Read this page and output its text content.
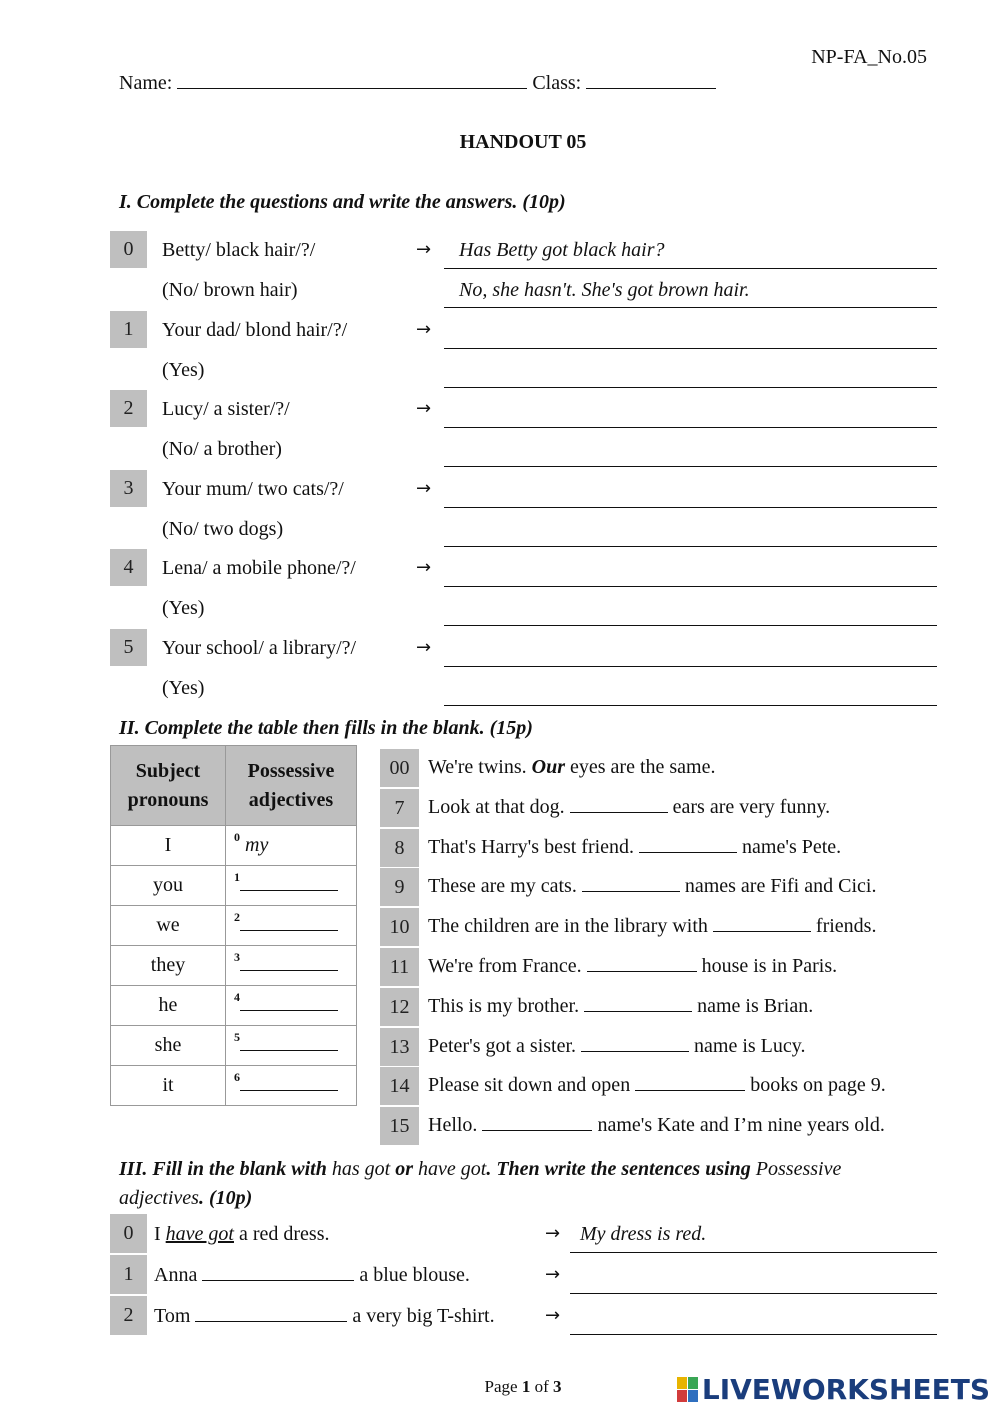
NP-FA_No.05
Name:	Class:
HANDOUT 05
I. Complete the questions and write the answers. (10p)
0	Betty/ black hair/?/
(No/ brown hair)
→ Has Betty got black hair?
No, she hasn't. She's got brown hair.
1	Your dad/ blond hair/?/
(Yes)
→
2	Lucy/ a sister/?/
(No/ a brother)
→
3	Your mum/ two cats/?/
(No/ two dogs)
→
4	Lena/ a mobile phone/?/
(Yes)
→
5	Your school/ a library/?/
(Yes)
→
II. Complete the table then fills in the blank. (15p)
Subject pronouns	Possessive adjectives
I	$^0$ my
you	$^1$
we	$^2$
they	$^3$
he	$^4$
she	$^5$
it	$^6$
00 We're twins. Our eyes are the same.
7	Look at that dog.	ears are very funny.
8	That's Harry's best friend.	name's Pete.
9	These are my cats.	names are Fifi and Cici.
10 The children are in the library with	friends.
11 We're from France.	house is in Paris.
12 This is my brother.	name is Brian.
13 Peter's got a sister.	name is Lucy.
14 Please sit down and open	books on page 9.
15 Hello.	name's Kate and I’m nine years old.
III. Fill in the blank with has got or have got. Then write the sentences using Possessive
adjectives. (10p)
0	I have got a red dress.	→ My dress is red.
1	Anna	a blue blouse.	→
2	Tom	a very big T-shirt.	→
Page 1 of 3	LIVEWORKSHEETS
